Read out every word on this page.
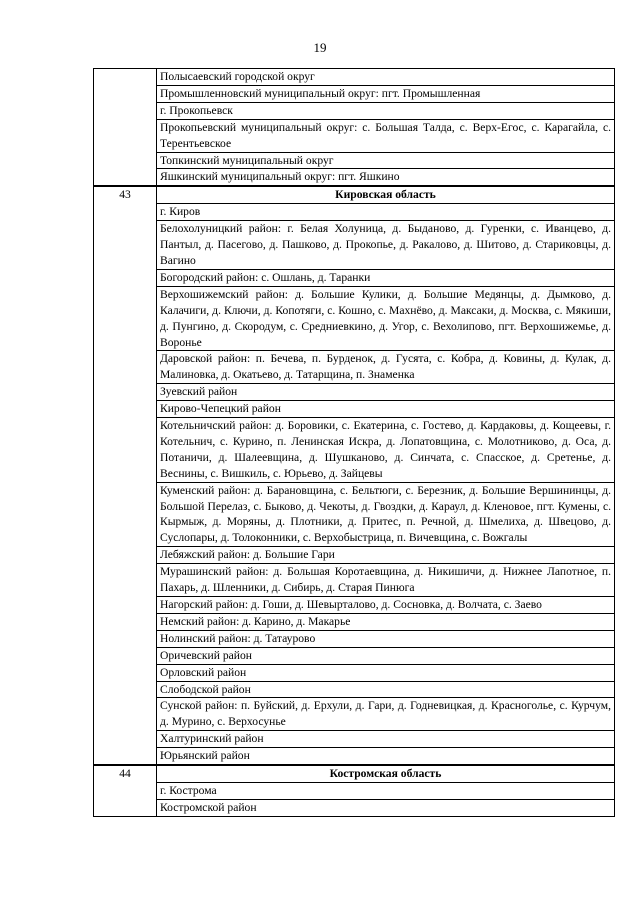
19
	Полысаевский городской округ
	Промышленновский муниципальный округ: пгт. Промышленная
	г. Прокопьевск
	Прокопьевский муниципальный округ: с. Большая Талда, с. Верх-Егос, с. Карагайла, с. Терентьевское
	Топкинский муниципальный округ
	Яшкинский муниципальный округ: пгт. Яшкино
43	Кировская область
	г. Киров
	Белохолуницкий район: г. Белая Холуница, д. Быданово, д. Гуренки, с. Иванцево, д. Пантыл, д. Пасегово, д. Пашково, д. Прокопье, д. Ракалово, д. Шитово, д. Стариковцы, д. Вагино
	Богородский район: с. Ошлань, д. Таранки
	Верхошижемский район: д. Большие Кулики, д. Большие Медянцы, д. Дымково, д. Калачиги, д. Ключи, д. Копотяги, с. Кошно, с. Махнёво, д. Максаки, д. Москва, с. Мякиши, д. Пунгино, д. Скородум, с. Средниевкино, д. Угор, с. Вехолипово, пгт. Верхошижемье, д. Вороньe
	Даровской район: п. Бечева, п. Бурденок, д. Гусята, с. Кобра, д. Ковины, д. Кулак, д. Малиновка, д. Окатьево, д. Татарщина, п. Знаменка
	Зуевский район
	Кирово-Чепецкий район
	Котельничский район: д. Боровики, с. Екатерина, с. Гостево, д. Кардаковы, д. Кощеевы, г. Котельнич, с. Курино, п. Ленинская Искра, д. Лопатовщина, с. Молотниково, д. Оса, д. Потаничи, д. Шалеевщина, д. Шушканово, д. Синчата, с. Спасское, д. Сретенье, д. Веснины, с. Вишкиль, с. Юрьево, д. Зайцевы
	Куменский район: д. Барановщина, с. Бельтюги, с. Березник, д. Большие Вершининцы, д. Большой Перелаз, с. Быково, д. Чекоты, д. Гвоздки, д. Караул, д. Кленовое, пгт. Кумены, с. Кырмыж, д. Моряны, д. Плотники, д. Притес, п. Речной, д. Шмелиха, д. Швецово, д. Суслопары, д. Толоконники, с. Верхобыстрица, п. Вичевщина, с. Вожгалы
	Лебяжский район: д. Большие Гари
	Мурашинский район: д. Большая Коротаевщина, д. Никишичи, д. Нижнее Лапотное, п. Пахарь, д. Шленники, д. Сибирь, д. Старая Пинюга
	Нагорский район: д. Гоши, д. Шевырталово, д. Сосновка, д. Волчата, с. Заево
	Немский район: д. Карино, д. Макарье
	Нолинский район: д. Татаурово
	Оричевский район
	Орловский район
	Слободской район
	Сунской район: п. Буйский, д. Ерхули, д. Гари, д. Годневицкая, д. Красноголье, с. Курчум, д. Мурино, с. Верхосунье
	Халтуринский район
	Юрьянский район
44	Костромская область
	г. Кострома
	Костромской район
